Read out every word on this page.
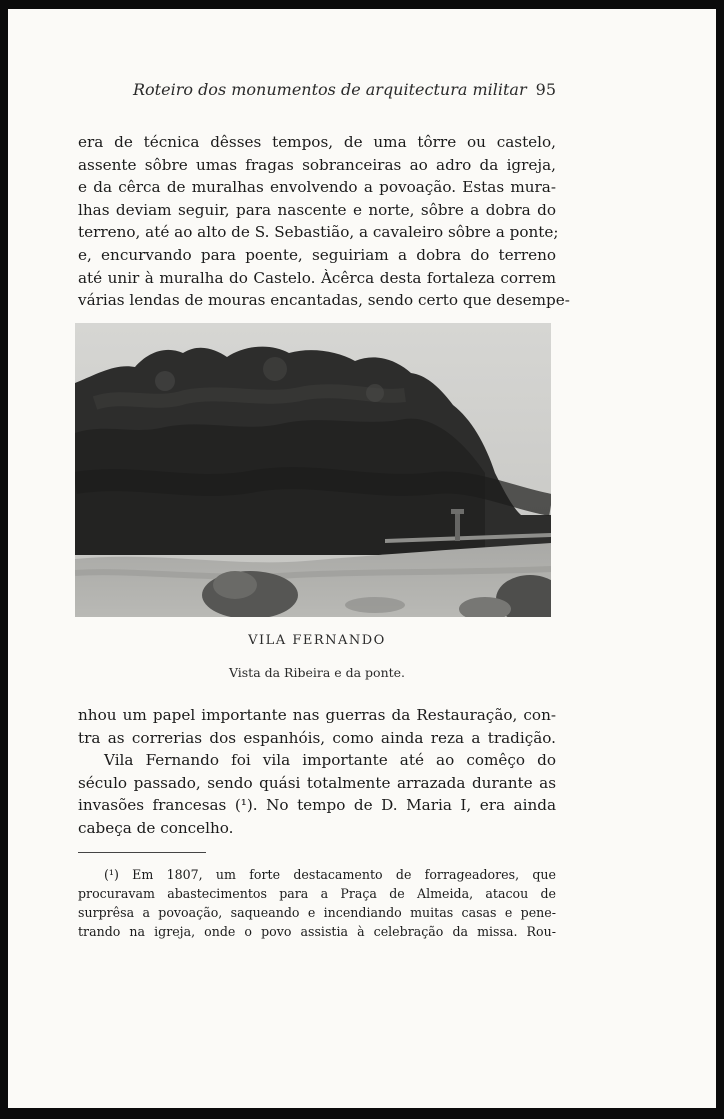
Roteiro dos monumentos de arquitectura militar 95
era de técnica dêsses tempos, de uma tôrre ou castelo,
assente sôbre umas fragas sobranceiras ao adro da igreja,
e da cêrca de muralhas envolvendo a povoação. Estas mura-
lhas deviam seguir, para nascente e norte, sôbre a dobra do
terreno, até ao alto de S. Sebastião, a cavaleiro sôbre a ponte;
e, encurvando para poente, seguiriam a dobra do terreno
até unir à muralha do Castelo. Àcêrca desta fortaleza correm
várias lendas de mouras encantadas, sendo certo que desempe-
VILA FERNANDO
Vista da Ribeira e da ponte.
nhou um papel importante nas guerras da Restauração, con-
tra as correrias dos espanhóis, como ainda reza a tradição.
Vila Fernando foi vila importante até ao comêço do
século passado, sendo quási totalmente arrazada durante as
invasões francesas (¹). No tempo de D. Maria I, era ainda
cabeça de concelho.
(¹) Em 1807, um forte destacamento de forrageadores, que
procuravam abastecimentos para a Praça de Almeida, atacou de
surprêsa a povoação, saqueando e incendiando muitas casas e pene-
trando na igreja, onde o povo assistia à celebração da missa. Rou-
